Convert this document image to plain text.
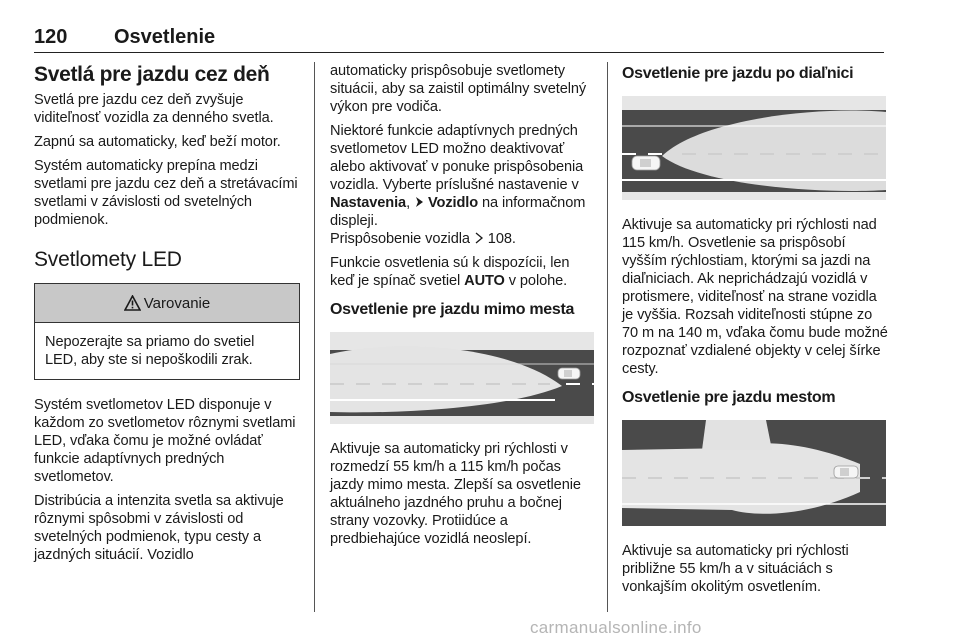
120 Osvetlenie
Svetlá pre jazdu cez deň

Svetlá pre jazdu cez deň zvyšuje viditeľnosť vozidla za denného svetla.

Zapnú sa automaticky, keď beží motor.

Systém automaticky prepína medzi svetlami pre jazdu cez deň a stretávacími svetlami v závislosti od svetelných podmienok.

Svetlomety LED
Varovanie

Nepozerajte sa priamo do svetiel LED, aby ste si nepoškodili zrak.

Systém svetlometov LED disponuje v každom zo svetlometov rôznymi svetlami LED, vďaka čomu je možné ovládať funkcie adaptívnych predných svetlometov.

Distribúcia a intenzita svetla sa aktivuje rôznymi spôsobmi v závislosti od svetelných podmienok, typu cesty a jazdných situácií. Vozidlo

automaticky prispôsobuje svetlomety situácii, aby sa zaistil optimálny svetelný výkon pre vodiča.

Niektoré funkcie adaptívnych predných svetlometov LED možno deaktivovať alebo aktivovať v ponuke prispôsobenia vozidla. Vyberte príslušné nastavenie v Nastavenia,  Vozidlo na informačnom displeji.
Prispôsobenie vozidla  108.

Funkcie osvetlenia sú k dispozícii, len keď je spínač svetiel AUTO v polohe.

Osvetlenie pre jazdu mimo mesta

Aktivuje sa automaticky pri rýchlosti v rozmedzí 55 km/h a 115 km/h počas jazdy mimo mesta. Zlepší sa osvetlenie aktuálneho jazdného pruhu a bočnej strany vozovky. Protiidúce a predbiehajúce vozidlá neoslepí.

Osvetlenie pre jazdu po diaľnici

Aktivuje sa automaticky pri rýchlosti nad 115 km/h. Osvetlenie sa prispôsobí vyšším rýchlostiam, ktorými sa jazdi na diaľniciach. Ak neprichádzajú vozidlá v protismere, viditeľnosť na strane vozidla je vyššia. Rozsah viditeľnosti stúpne zo 70 m na 140 m, vďaka čomu bude možné rozpoznať vzdialené objekty v celej šírke cesty.

Osvetlenie pre jazdu mestom

Aktivuje sa automaticky pri rýchlosti približne 55 km/h a v situáciách s vonkajším okolitým osvetlením.

carmanualsonline.info
